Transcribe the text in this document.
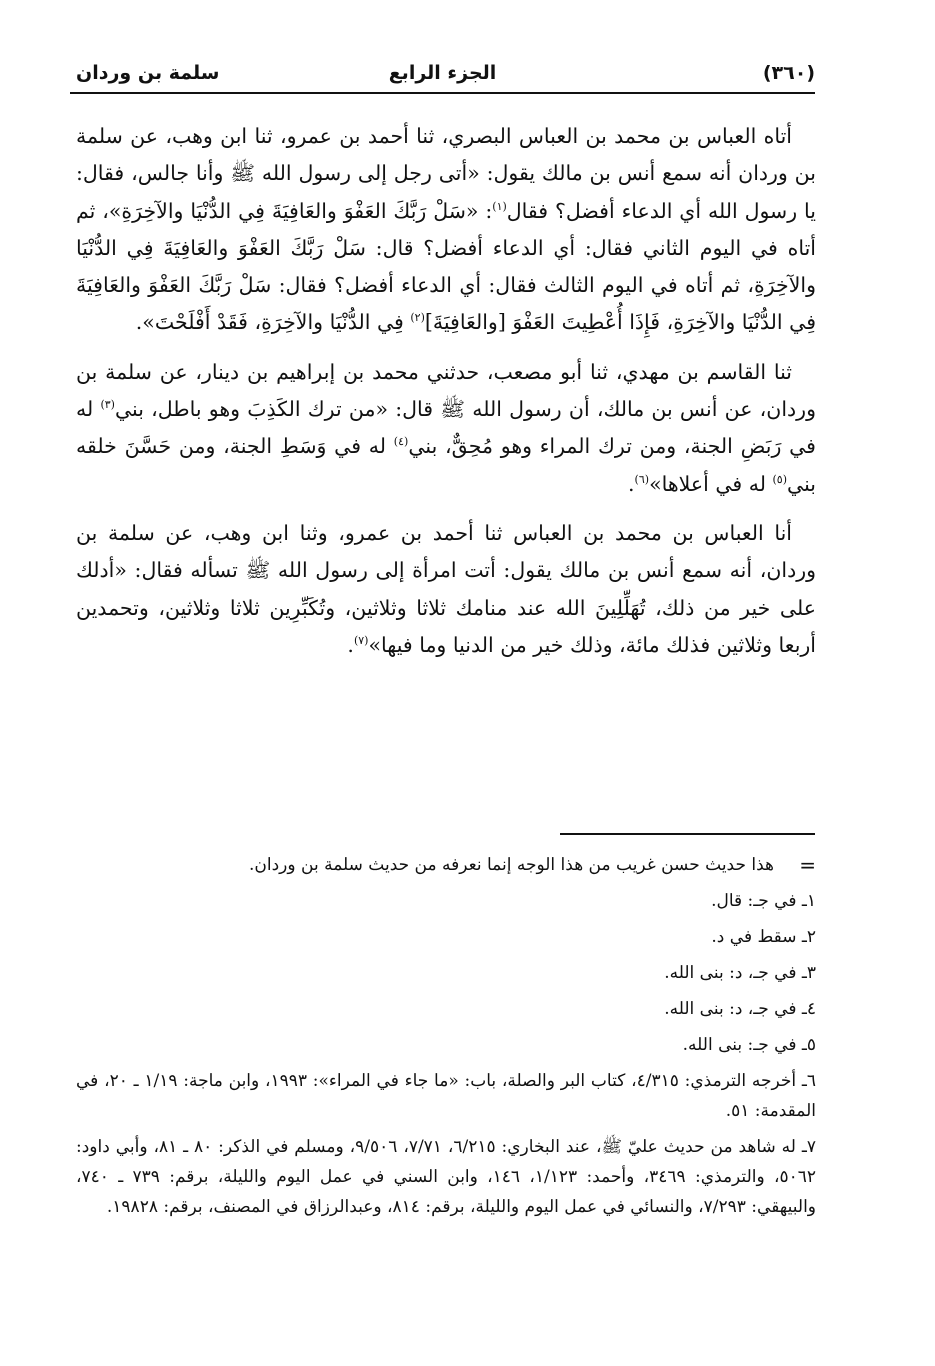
(٣٦٠)
الجزء الرابع
سلمة بن وردان

أتاه العباس بن محمد بن العباس البصري، ثنا أحمد بن عمرو، ثنا ابن وهب، عن سلمة بن وردان أنه سمع أنس بن مالك يقول: «أتى رجل إلى رسول الله ﷺ وأنا جالس، فقال: يا رسول الله أي الدعاء أفضل؟ فقال$^{(١)}$: «سَلْ رَبَّكَ العَفْوَ والعَافِيَةَ فِي الدُّنْيَا والآخِرَةِ»، ثم أتاه في اليوم الثاني فقال: أي الدعاء أفضل؟ قال: سَلْ رَبَّكَ العَفْوَ والعَافِيَةَ فِي الدُّنْيَا والآخِرَةِ، ثم أتاه في اليوم الثالث فقال: أي الدعاء أفضل؟ فقال: سَلْ رَبَّكَ العَفْوَ والعَافِيَةَ فِي الدُّنْيَا والآخِرَةِ، فَإِذَا أُعْطِيتَ العَفْوَ [والعَافِيَةَ]$^{(٢)}$ فِي الدُّنْيَا والآخِرَةِ، فَقَدْ أَفْلَحْتَ».

ثنا القاسم بن مهدي، ثنا أبو مصعب، حدثني محمد بن إبراهيم بن دينار، عن سلمة بن وردان، عن أنس بن مالك، أن رسول الله ﷺ قال: «من ترك الكَذِبَ وهو باطل، بني$^{(٣)}$ له في رَبَضِ الجنة، ومن ترك المراء وهو مُحِقٌّ، بني$^{(٤)}$ له في وَسَطِ الجنة، ومن حَسَّنَ خلقه بني$^{(٥)}$ له في أعلاها»$^{(٦)}$.

أنا العباس بن محمد بن العباس ثنا أحمد بن عمرو، وثنا ابن وهب، عن سلمة بن وردان، أنه سمع أنس بن مالك يقول: أتت امرأة إلى رسول الله ﷺ تسأله فقال: «أدلك على خير من ذلك، تُهَلِّلِينَ الله عند منامك ثلاثا وثلاثين، وتُكَبِّرِين ثلاثا وثلاثين، وتحمدين أربعا وثلاثين فذلك مائة، وذلك خير من الدنيا وما فيها»$^{(٧)}$.

=
هذا حديث حسن غريب من هذا الوجه إنما نعرفه من حديث سلمة بن وردان.
١ـ في جـ: قال.
٢ـ سقط في د.
٣ـ في جـ، د: بنى الله.
٤ـ في جـ، د: بنى الله.
٥ـ في جـ: بنى الله.
٦ـ أخرجه الترمذي: ٤/٣١٥، كتاب البر والصلة، باب: «ما جاء في المراء»: ١٩٩٣، وابن ماجة: ١/١٩ ـ ٢٠، في المقدمة: ٥١.
٧ـ له شاهد من حديث عليّ ﷺ، عند البخاري: ٦/٢١٥، ٧/٧١، ٩/٥٠٦، ومسلم في الذكر: ٨٠ ـ ٨١، وأبي داود: ٥٠٦٢، والترمذي: ٣٤٦٩، وأحمد: ١/١٢٣، ١٤٦، وابن السني في عمل اليوم والليلة، برقم: ٧٣٩ ـ ٧٤٠، والبيهقي: ٧/٢٩٣، والنسائي في عمل اليوم والليلة، برقم: ٨١٤، وعبدالرزاق في المصنف، برقم: ١٩٨٢٨.
